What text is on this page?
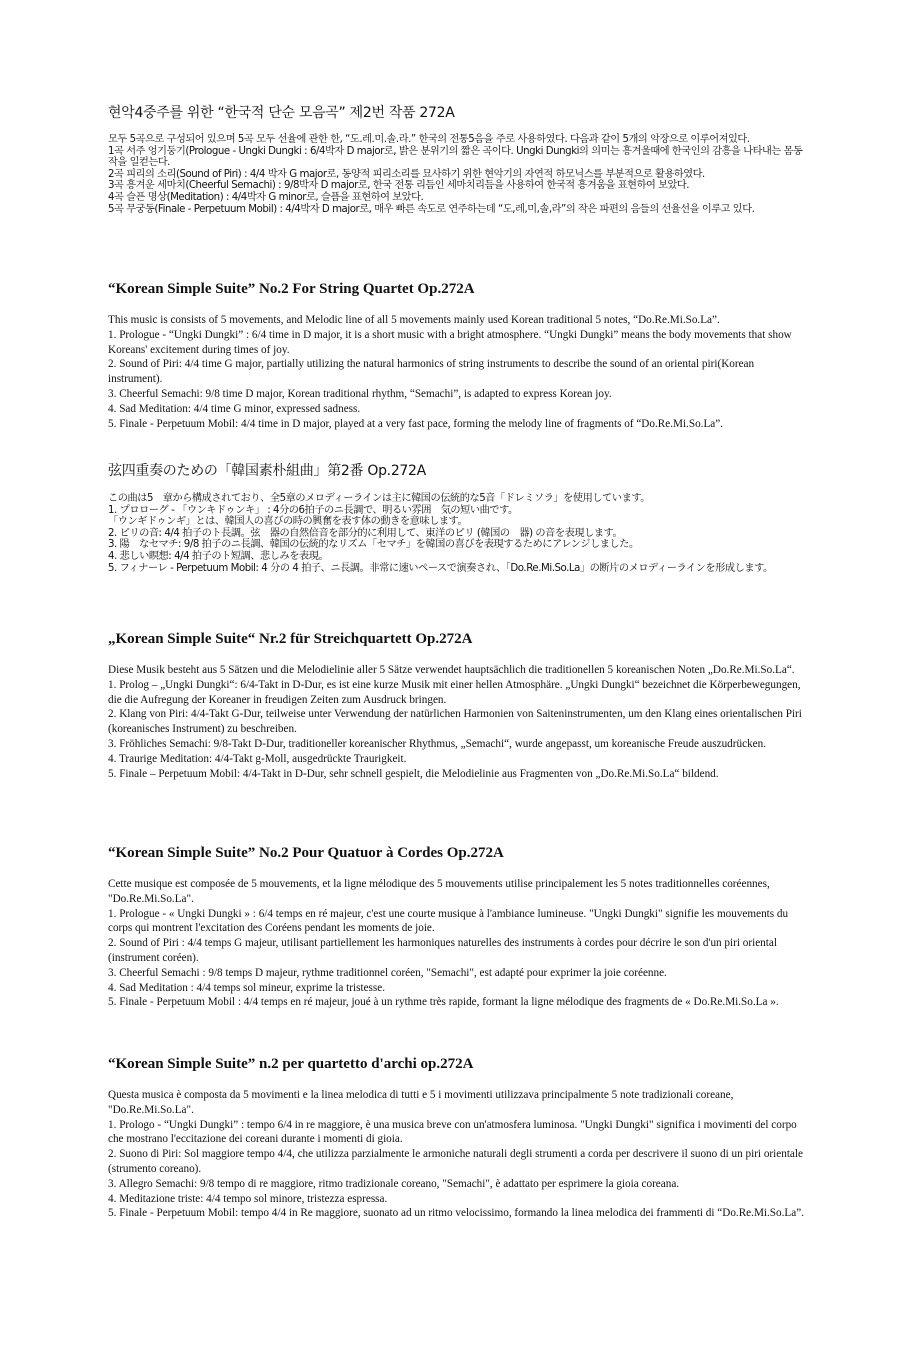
현악4중주를 위한 “한국적 단순 모음곡” 제2번 작품 272A
모두 5곡으로 구성되어 있으며 5곡 모두 선율에 관한 한, “도.레.미.솔.라.” 한국의 전통5음을 주로 사용하였다. 다음과 같이 5개의 악장으로 이루어져있다.
1곡 서주 엉기둥기(Prologue - Ungki Dungki : 6/4박자 D major로, 밝은 분위기의 짧은 곡이다. Ungki Dungki의 의미는 흥겨울때에 한국인의 감흥을 나타내는 몸동작을 일컫는다.
2곡 피리의 소리(Sound of Piri) : 4/4 박자 G major로, 동양적 피리소리를 묘사하기 위한 현악기의 자연적 하모닉스를 부분적으로 활용하였다.
3곡 흥겨운 세마치(Cheerful Semachi) : 9/8박자 D major로, 한국 전통 리듬인 세마치리듬을 사용하여 한국적 흥겨움을 표현하여 보았다.
4곡 슬픈 명상(Meditation) : 4/4박자 G minor로, 슬픔을 표현하여 보았다.
5곡 무궁동(Finale - Perpetuum Mobil) : 4/4박자 D major로, 매우 빠른 속도로 연주하는데 “도,레,미,솔,라”의 작은 파편의 음들의 선율선을 이루고 있다.
“Korean Simple Suite” No.2 For String Quartet Op.272A
This music is consists of 5 movements, and Melodic line of all 5 movements mainly used Korean traditional 5 notes, “Do.Re.Mi.So.La”.
1. Prologue - “Ungki Dungki” : 6/4 time in D major, it is a short music with a bright atmosphere. “Ungki Dungki” means the body movements that show Koreans' excitement during times of joy.
2. Sound of Piri: 4/4 time G major, partially utilizing the natural harmonics of string instruments to describe the sound of an oriental piri(Korean instrument).
3. Cheerful Semachi: 9/8 time D major, Korean traditional rhythm, “Semachi”, is adapted to express Korean joy.
4. Sad Meditation: 4/4 time G minor, expressed sadness.
5. Finale - Perpetuum Mobil: 4/4 time in D major, played at a very fast pace, forming the melody line of fragments of “Do.Re.Mi.So.La”.
弦四重奏のための「韓国素朴組曲」第2番 Op.272A
この曲は5　章から構成されており、全5章のメロディーラインは主に韓国の伝統的な5音「ドレミソラ」を使用しています。
1. プロローグ - 「ウンキドゥンキ」 : 4分の6拍子のニ長調で、明るい雰囲　気の短い曲です。
「ウンギドゥンギ」とは、韓国人の喜びの時の興奮を表す体の動きを意味します。
2. ピリの音: 4/4 拍子のト長調。弦　器の自然倍音を部分的に利用して、東洋のピリ (韓国の　器) の音を表現します。
3. 陽　なセマチ: 9/8 拍子のニ長調、韓国の伝統的なリズム「セマチ」を韓国の喜びを表現するためにアレンジしました。
4. 悲しい瞑想: 4/4 拍子のト短調、悲しみを表現。
5. フィナーレ - Perpetuum Mobil: 4 分の 4 拍子、ニ長調。非常に速いペースで演奏され、「Do.Re.Mi.So.La」の断片のメロディーラインを形成します。
„Korean Simple Suite“ Nr.2 für Streichquartett Op.272A
Diese Musik besteht aus 5 Sätzen und die Melodielinie aller 5 Sätze verwendet hauptsächlich die traditionellen 5 koreanischen Noten „Do.Re.Mi.So.La“.
1. Prolog – „Ungki Dungki“: 6/4-Takt in D-Dur, es ist eine kurze Musik mit einer hellen Atmosphäre. „Ungki Dungki“ bezeichnet die Körperbewegungen, die die Aufregung der Koreaner in freudigen Zeiten zum Ausdruck bringen.
2. Klang von Piri: 4/4-Takt G-Dur, teilweise unter Verwendung der natürlichen Harmonien von Saiteninstrumenten, um den Klang eines orientalischen Piri (koreanisches Instrument) zu beschreiben.
3. Fröhliches Semachi: 9/8-Takt D-Dur, traditioneller koreanischer Rhythmus, „Semachi“, wurde angepasst, um koreanische Freude auszudrücken.
4. Traurige Meditation: 4/4-Takt g-Moll, ausgedrückte Traurigkeit.
5. Finale – Perpetuum Mobil: 4/4-Takt in D-Dur, sehr schnell gespielt, die Melodielinie aus Fragmenten von „Do.Re.Mi.So.La“ bildend.
“Korean Simple Suite” No.2 Pour Quatuor à Cordes Op.272A
Cette musique est composée de 5 mouvements, et la ligne mélodique des 5 mouvements utilise principalement les 5 notes traditionnelles coréennes, "Do.Re.Mi.So.La".
1. Prologue - « Ungki Dungki » : 6/4 temps en ré majeur, c'est une courte musique à l'ambiance lumineuse. "Ungki Dungki" signifie les mouvements du corps qui montrent l'excitation des Coréens pendant les moments de joie.
2. Sound of Piri : 4/4 temps G majeur, utilisant partiellement les harmoniques naturelles des instruments à cordes pour décrire le son d'un piri oriental (instrument coréen).
3. Cheerful Semachi : 9/8 temps D majeur, rythme traditionnel coréen, "Semachi", est adapté pour exprimer la joie coréenne.
4. Sad Meditation : 4/4 temps sol mineur, exprime la tristesse.
5. Finale - Perpetuum Mobil : 4/4 temps en ré majeur, joué à un rythme très rapide, formant la ligne mélodique des fragments de « Do.Re.Mi.So.La ».
“Korean Simple Suite” n.2 per quartetto d'archi op.272A
Questa musica è composta da 5 movimenti e la linea melodica di tutti e 5 i movimenti utilizzava principalmente 5 note tradizionali coreane, "Do.Re.Mi.So.La".
1. Prologo - “Ungki Dungki” : tempo 6/4 in re maggiore, è una musica breve con un'atmosfera luminosa. "Ungki Dungki" significa i movimenti del corpo che mostrano l'eccitazione dei coreani durante i momenti di gioia.
2. Suono di Piri: Sol maggiore tempo 4/4, che utilizza parzialmente le armoniche naturali degli strumenti a corda per descrivere il suono di un piri orientale (strumento coreano).
3. Allegro Semachi: 9/8 tempo di re maggiore, ritmo tradizionale coreano, "Semachi", è adattato per esprimere la gioia coreana.
4. Meditazione triste: 4/4 tempo sol minore, tristezza espressa.
5. Finale - Perpetuum Mobil: tempo 4/4 in Re maggiore, suonato ad un ritmo velocissimo, formando la linea melodica dei frammenti di “Do.Re.Mi.So.La”.
